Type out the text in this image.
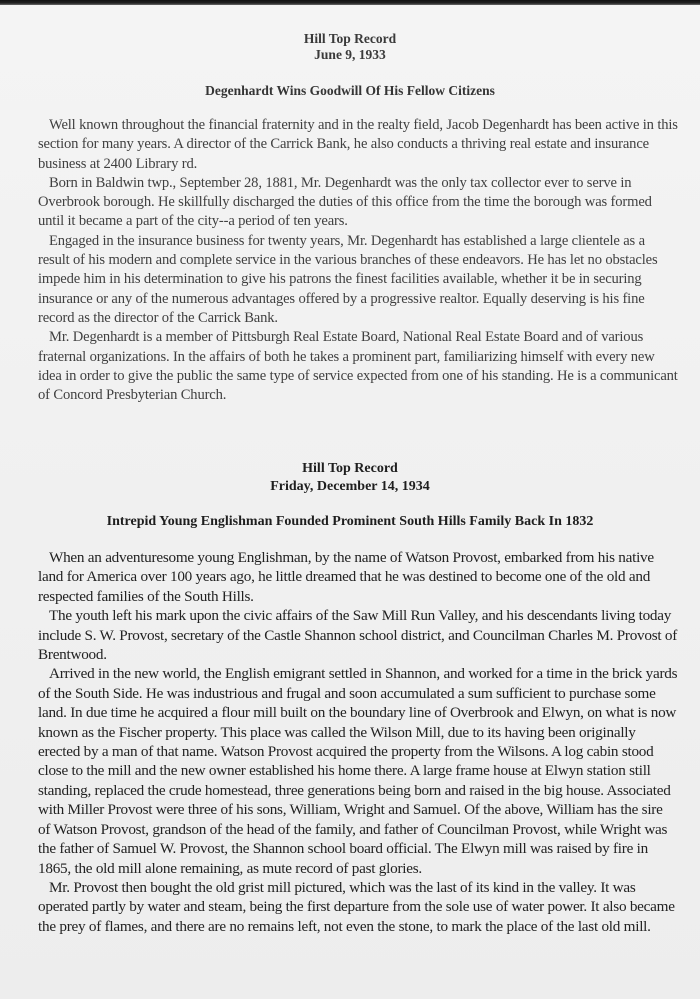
Hill Top Record
June 9, 1933
Degenhardt Wins Goodwill Of His Fellow Citizens

Well known throughout the financial fraternity and in the realty field, Jacob Degenhardt has been active in this section for many years. A director of the Carrick Bank, he also conducts a thriving real estate and insurance business at 2400 Library rd.

Born in Baldwin twp., September 28, 1881, Mr. Degenhardt was the only tax collector ever to serve in Overbrook borough. He skillfully discharged the duties of this office from the time the borough was formed until it became a part of the city--a period of ten years.

Engaged in the insurance business for twenty years, Mr. Degenhardt has established a large clientele as a result of his modern and complete service in the various branches of these endeavors. He has let no obstacles impede him in his determination to give his patrons the finest facilities available, whether it be in securing insurance or any of the numerous advantages offered by a progressive realtor. Equally deserving is his fine record as the director of the Carrick Bank.

Mr. Degenhardt is a member of Pittsburgh Real Estate Board, National Real Estate Board and of various fraternal organizations. In the affairs of both he takes a prominent part, familiarizing himself with every new idea in order to give the public the same type of service expected from one of his standing. He is a communicant of Concord Presbyterian Church.

Hill Top Record
Friday, December 14, 1934
Intrepid Young Englishman Founded Prominent South Hills Family Back In 1832

When an adventuresome young Englishman, by the name of Watson Provost, embarked from his native land for America over 100 years ago, he little dreamed that he was destined to become one of the old and respected families of the South Hills.

The youth left his mark upon the civic affairs of the Saw Mill Run Valley, and his descendants living today include S. W. Provost, secretary of the Castle Shannon school district, and Councilman Charles M. Provost of Brentwood.

Arrived in the new world, the English emigrant settled in Shannon, and worked for a time in the brick yards of the South Side. He was industrious and frugal and soon accumulated a sum sufficient to purchase some land. In due time he acquired a flour mill built on the boundary line of Overbrook and Elwyn, on what is now known as the Fischer property. This place was called the Wilson Mill, due to its having been originally erected by a man of that name. Watson Provost acquired the property from the Wilsons. A log cabin stood close to the mill and the new owner established his home there. A large frame house at Elwyn station still standing, replaced the crude homestead, three generations being born and raised in the big house. Associated with Miller Provost were three of his sons, William, Wright and Samuel. Of the above, William has the sire of Watson Provost, grandson of the head of the family, and father of Councilman Provost, while Wright was the father of Samuel W. Provost, the Shannon school board official. The Elwyn mill was raised by fire in 1865, the old mill alone remaining, as mute record of past glories.

Mr. Provost then bought the old grist mill pictured, which was the last of its kind in the valley. It was operated partly by water and steam, being the first departure from the sole use of water power. It also became the prey of flames, and there are no remains left, not even the stone, to mark the place of the last old mill.
